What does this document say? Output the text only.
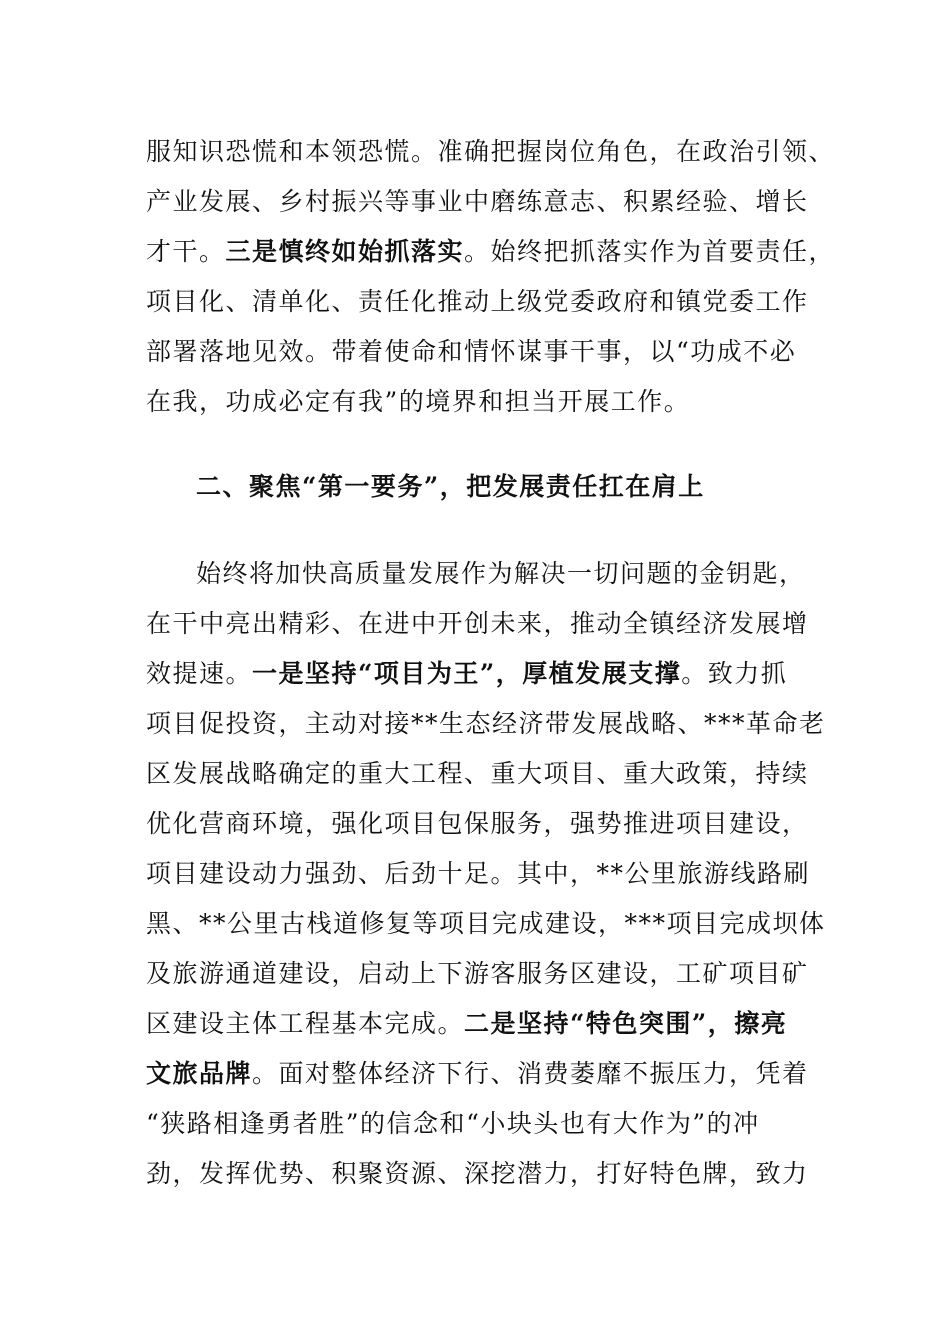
服知识恐慌和本领恐慌。准确把握岗位角色，在政治引领、
产业发展、乡村振兴等事业中磨练意志、积累经验、增长
才干。三是慎终如始抓落实。始终把抓落实作为首要责任，
项目化、清单化、责任化推动上级党委政府和镇党委工作
部署落地见效。带着使命和情怀谋事干事，以“功成不必
在我，功成必定有我”的境界和担当开展工作。
二、聚焦“第一要务”，把发展责任扛在肩上
始终将加快高质量发展作为解决一切问题的金钥匙，
在干中亮出精彩、在进中开创未来，推动全镇经济发展增
效提速。一是坚持“项目为王”，厚植发展支撑。致力抓
项目促投资，主动对接**生态经济带发展战略、***革命老
区发展战略确定的重大工程、重大项目、重大政策，持续
优化营商环境，强化项目包保服务，强势推进项目建设，
项目建设动力强劲、后劲十足。其中，**公里旅游线路刷
黑、**公里古栈道修复等项目完成建设，***项目完成坝体
及旅游通道建设，启动上下游客服务区建设，工矿项目矿
区建设主体工程基本完成。二是坚持“特色突围”，擦亮
文旅品牌。面对整体经济下行、消费萎靡不振压力，凭着
“狭路相逢勇者胜”的信念和“小块头也有大作为”的冲
劲，发挥优势、积聚资源、深挖潜力，打好特色牌，致力
